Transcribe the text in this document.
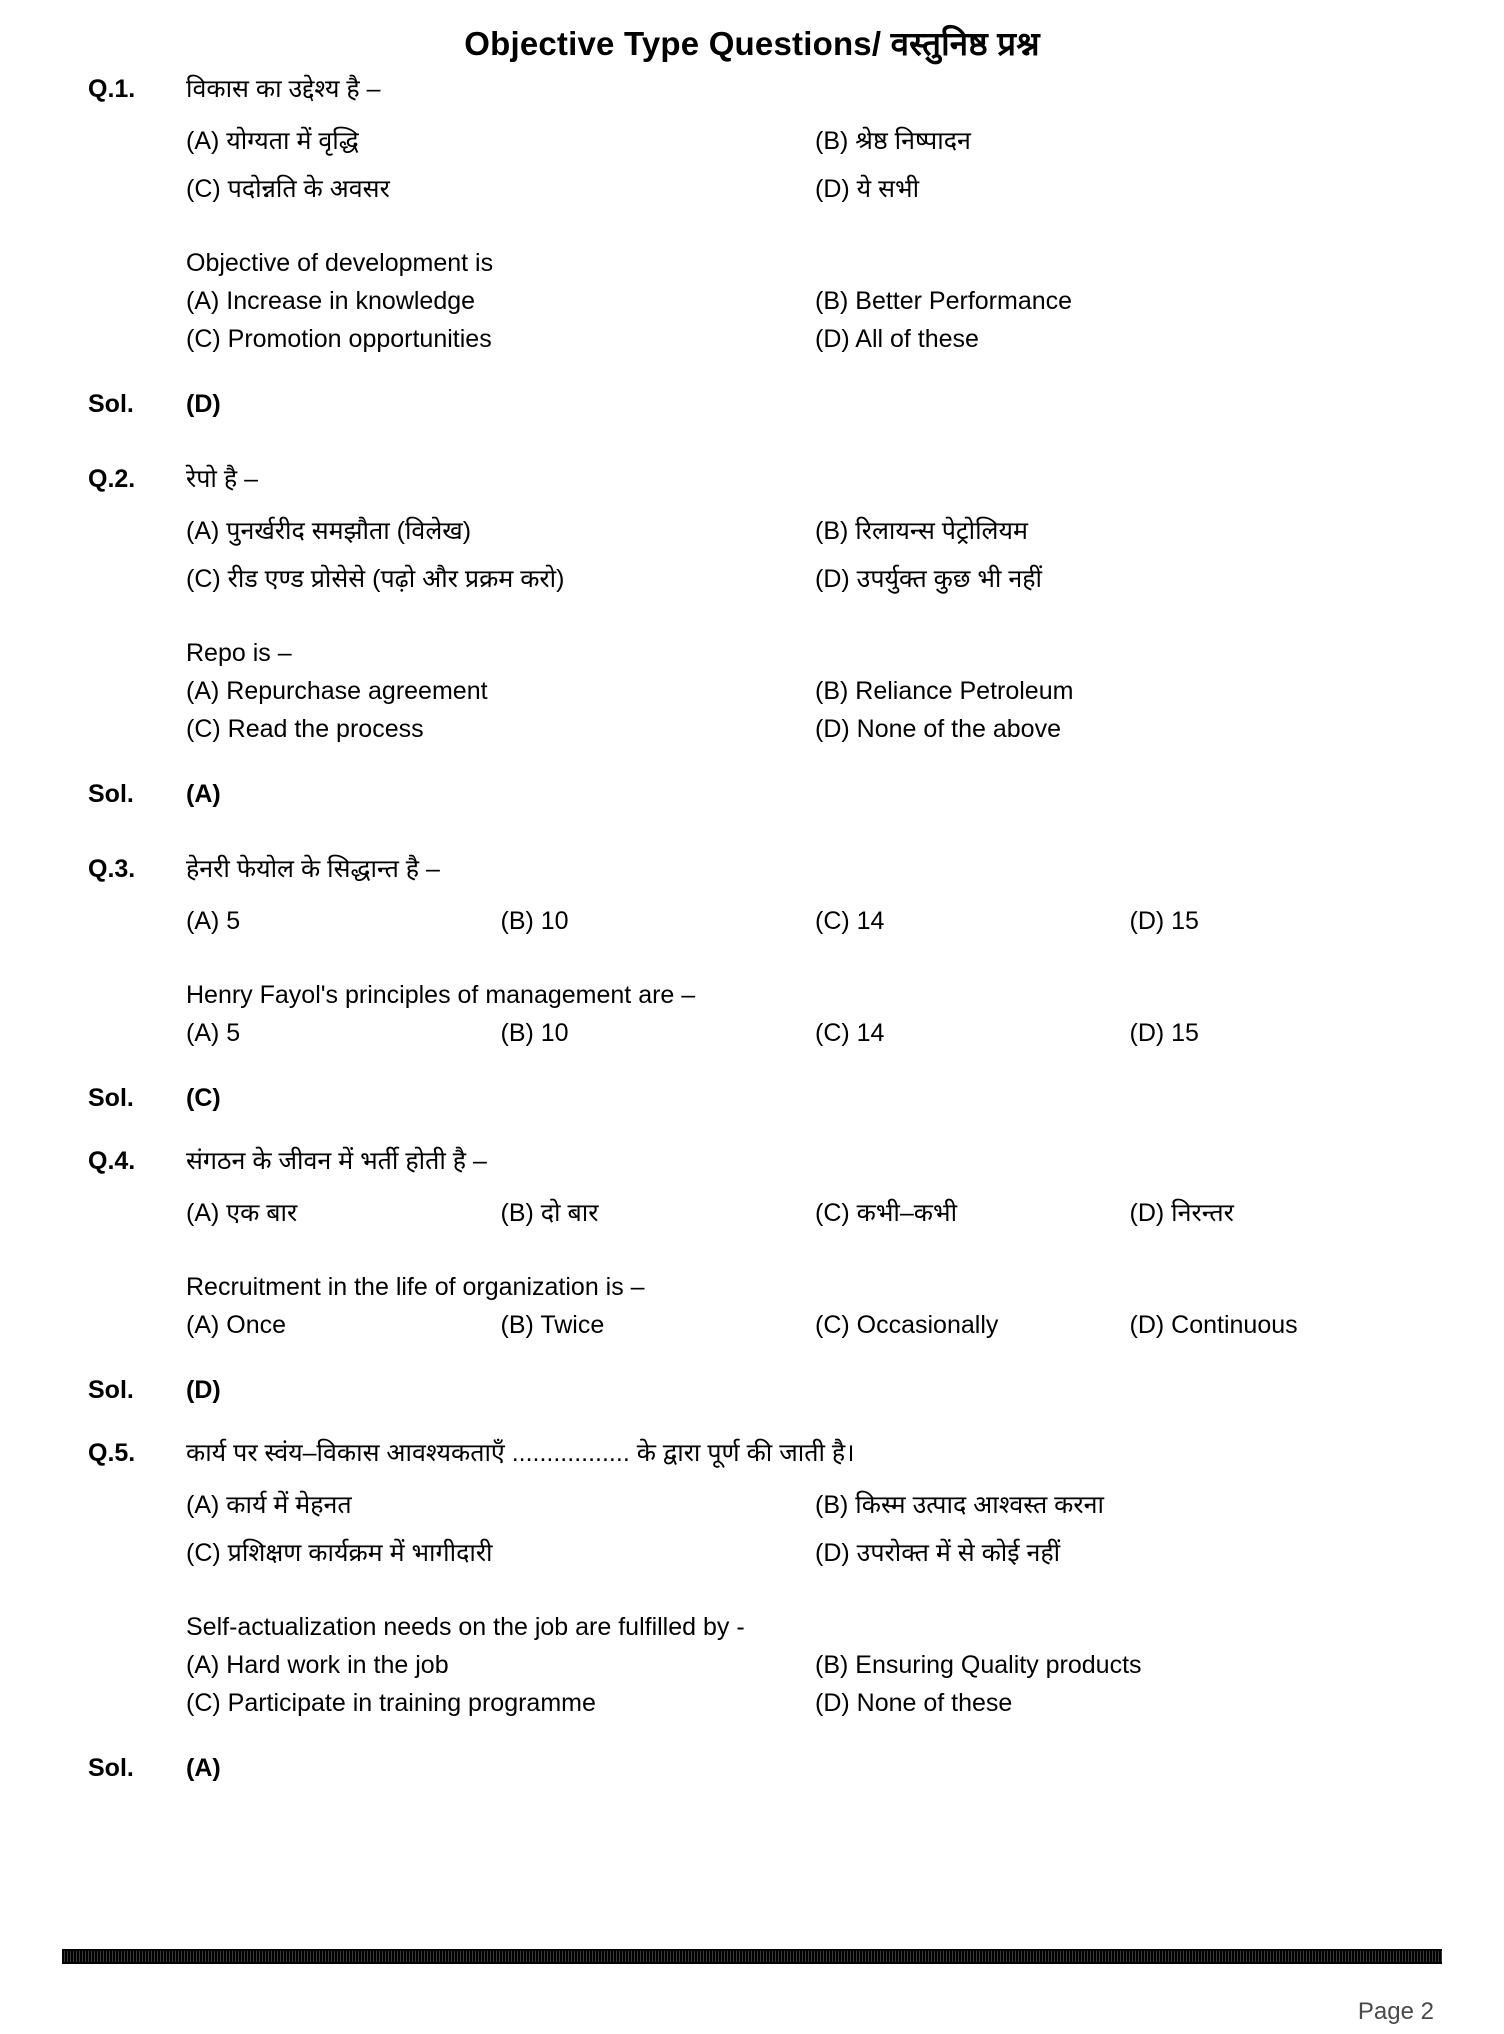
Objective Type Questions/ वस्तुनिष्ठ प्रश्न
Q.1.	विकास का उद्देश्य है –
(A) योग्यता में वृद्धि	(B) श्रेष्ठ निष्पादन
(C) पदोन्नति के अवसर	(D) ये सभी
Objective of development is
(A) Increase in knowledge	(B) Better Performance
(C) Promotion opportunities	(D) All of these
Sol.	(D)
Q.2.	रेपो है –
(A) पुनर्खरीद समझौता (विलेख)	(B) रिलायन्स पेट्रोलियम
(C) रीड एण्ड प्रोसेसे (पढ़ो और प्रक्रम करो)	(D) उपर्युक्त कुछ भी नहीं
Repo is –
(A) Repurchase agreement	(B) Reliance Petroleum
(C) Read the process	(D) None of the above
Sol.	(A)
Q.3.	हेनरी फेयोल के सिद्धान्त है –
(A) 5	(B) 10	(C) 14	(D) 15
Henry Fayol's principles of management are –
(A) 5	(B) 10	(C) 14	(D) 15
Sol.	(C)
Q.4.	संगठन के जीवन में भर्ती होती है –
(A) एक बार	(B) दो बार	(C) कभी–कभी	(D) निरन्तर
Recruitment in the life of organization is –
(A) Once	(B) Twice	(C) Occasionally	(D) Continuous
Sol.	(D)
Q.5.	कार्य पर स्वंय–विकास आवश्यकताएँ ................. के द्वारा पूर्ण की जाती है।
(A) कार्य में मेहनत	(B) किस्म उत्पाद आश्वस्त करना
(C) प्रशिक्षण कार्यक्रम में भागीदारी	(D) उपरोक्त में से कोई नहीं
Self-actualization needs on the job are fulfilled by -
(A) Hard work in the job	(B) Ensuring Quality products
(C) Participate in training programme	(D) None of these
Sol.	(A)
Page 2
